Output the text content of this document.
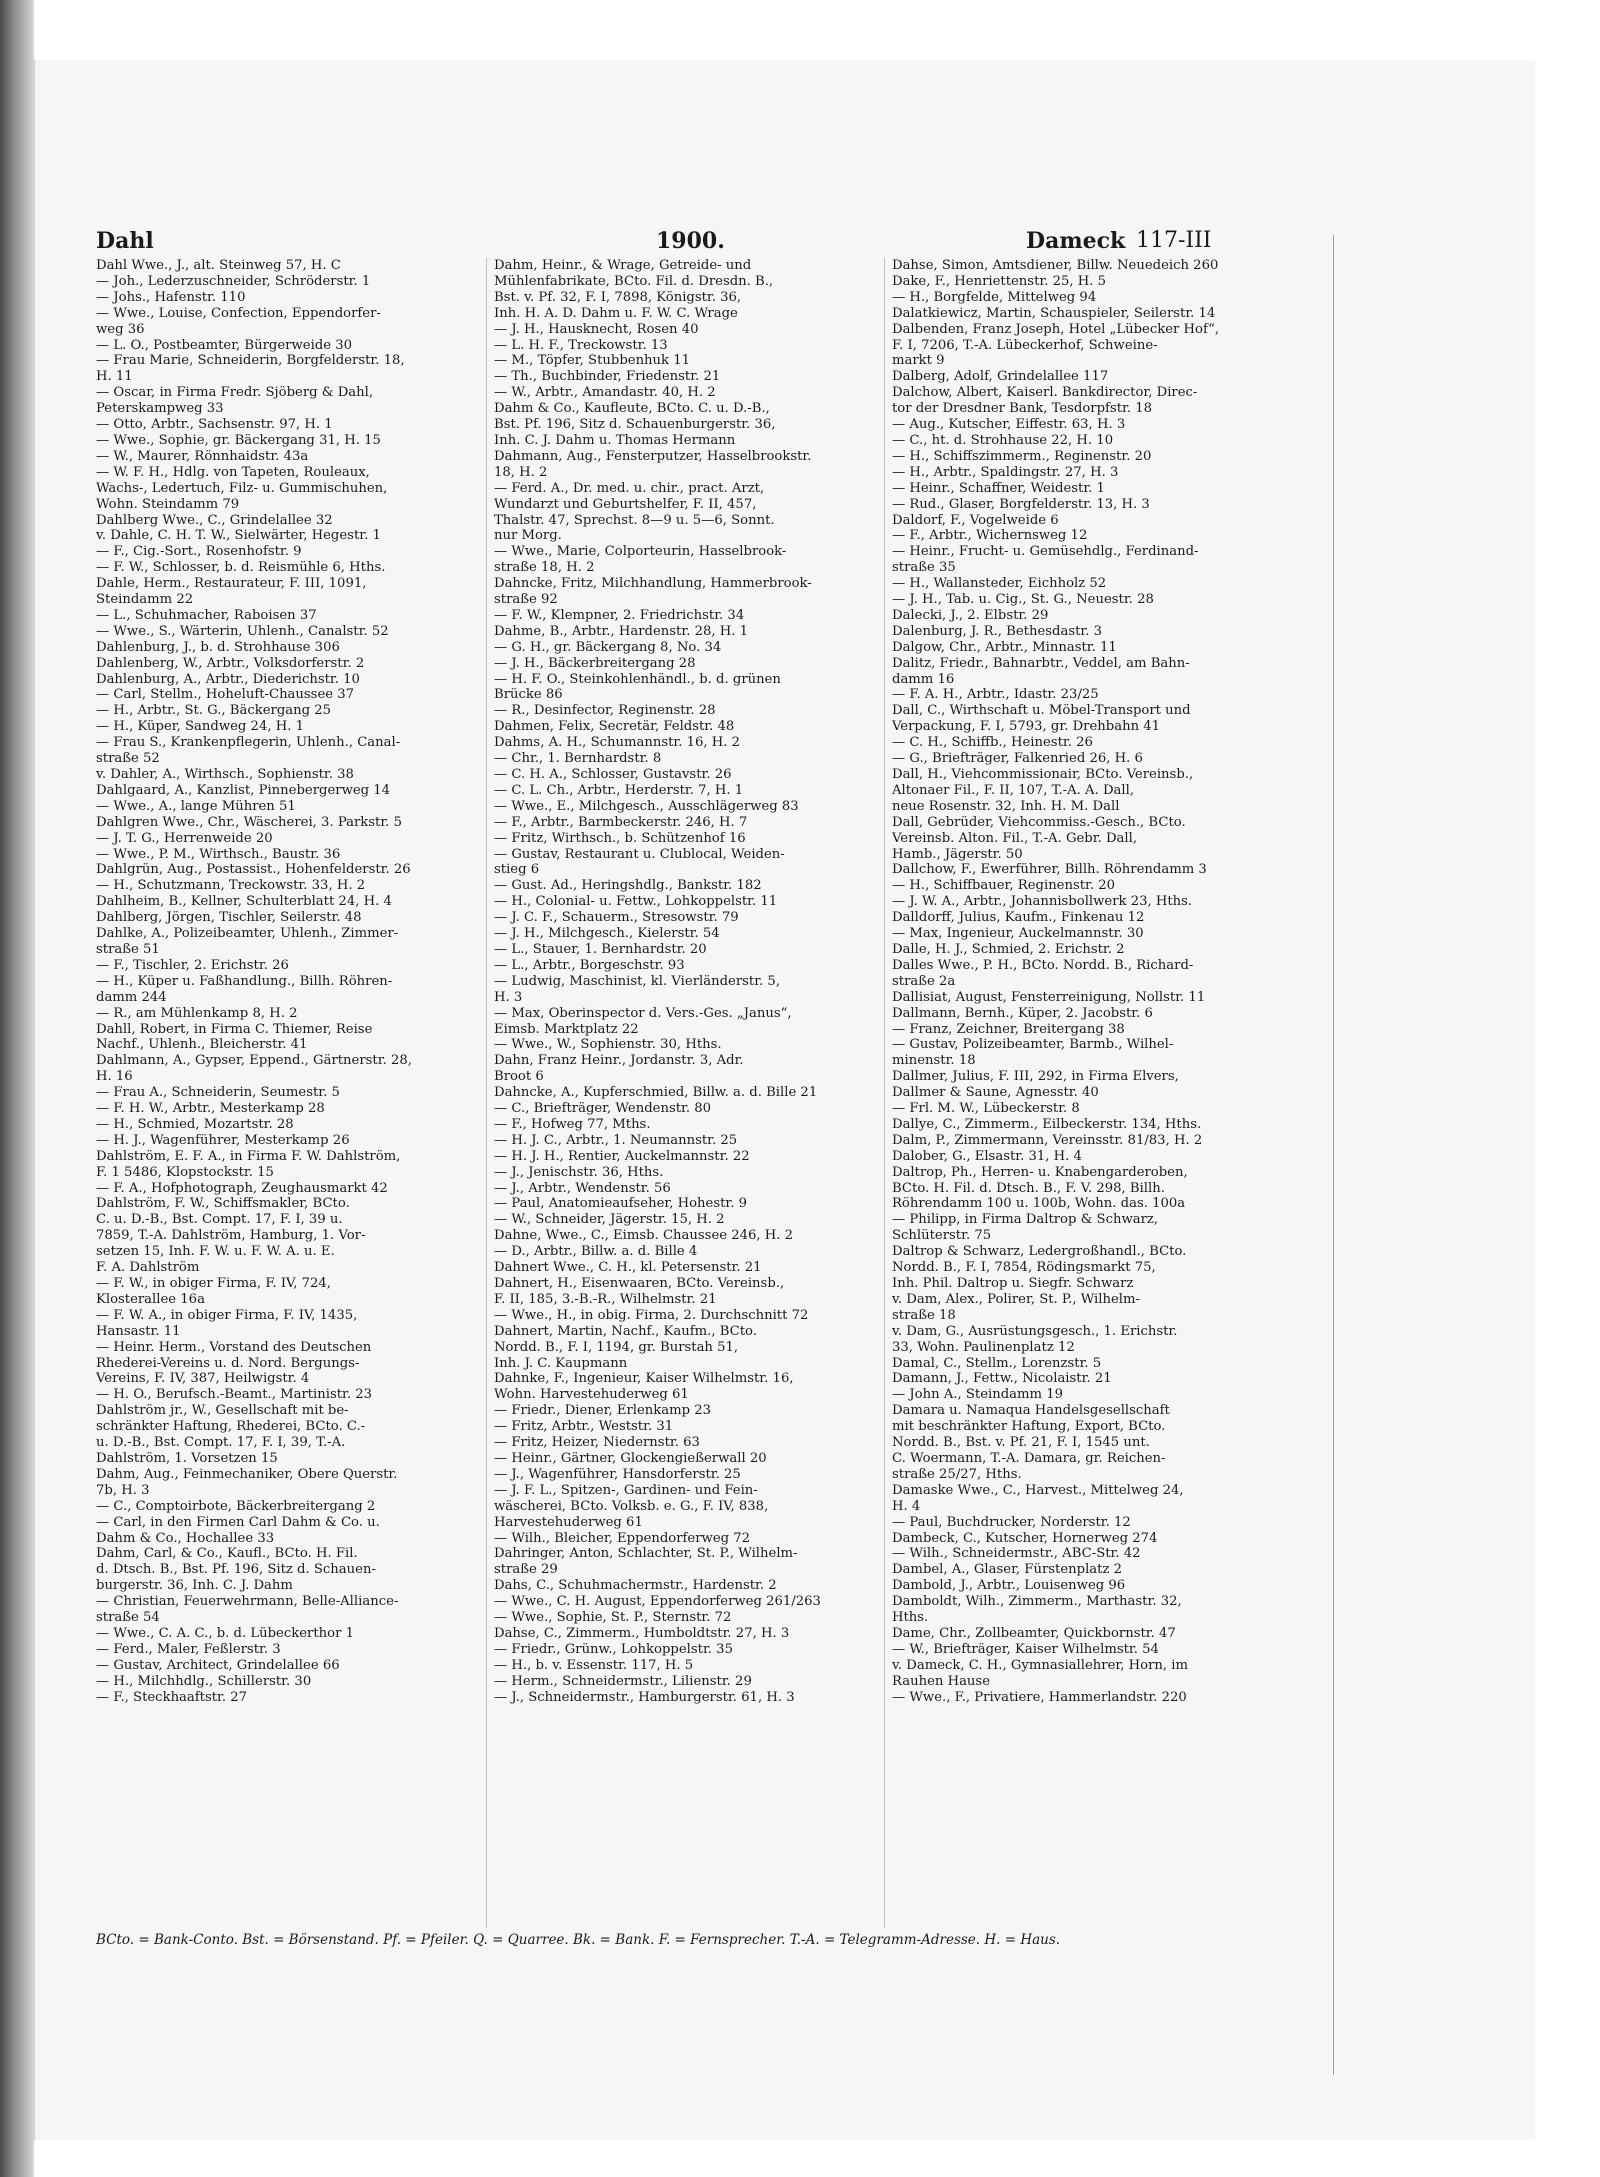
Dahl	1900.	Dameck 117-III
Dahl Wwe., J., alt. Steinweg 57, H. C
— Joh., Lederzuschneider, Schröderstr. 1
— Johs., Hafenstr. 110
— Wwe., Louise, Confection, Eppendorfer-
weg 36
— L. O., Postbeamter, Bürgerweide 30
— Frau Marie, Schneiderin, Borgfelderstr. 18,
H. 11
— Oscar, in Firma Fredr. Sjöberg & Dahl,
Peterskampweg 33
— Otto, Arbtr., Sachsenstr. 97, H. 1
— Wwe., Sophie, gr. Bäckergang 31, H. 15
— W., Maurer, Rönnhaidstr. 43a
— W. F. H., Hdlg. von Tapeten, Rouleaux,
Wachs-, Ledertuch, Filz- u. Gummischuhen,
Wohn. Steindamm 79
Dahlberg Wwe., C., Grindelallee 32
v. Dahle, C. H. T. W., Sielwärter, Hegestr. 1
— F., Cig.-Sort., Rosenhofstr. 9
— F. W., Schlosser, b. d. Reismühle 6, Hths.
Dahle, Herm., Restaurateur, F. III, 1091,
Steindamm 22
— L., Schuhmacher, Raboisen 37
— Wwe., S., Wärterin, Uhlenh., Canalstr. 52
Dahlenburg, J., b. d. Strohhause 306
Dahlenberg, W., Arbtr., Volksdorferstr. 2
Dahlenburg, A., Arbtr., Diederichstr. 10
— Carl, Stellm., Hoheluft-Chaussee 37
— H., Arbtr., St. G., Bäckergang 25
— H., Küper, Sandweg 24, H. 1
— Frau S., Krankenpflegerin, Uhlenh., Canal-
straße 52
v. Dahler, A., Wirthsch., Sophienstr. 38
Dahlgaard, A., Kanzlist, Pinnebergerweg 14
— Wwe., A., lange Mühren 51
Dahlgren Wwe., Chr., Wäscherei, 3. Parkstr. 5
— J. T. G., Herrenweide 20
— Wwe., P. M., Wirthsch., Baustr. 36
Dahlgrün, Aug., Postassist., Hohenfelderstr. 26
— H., Schutzmann, Treckowstr. 33, H. 2
Dahlheim, B., Kellner, Schulterblatt 24, H. 4
Dahlberg, Jörgen, Tischler, Seilerstr. 48
Dahlke, A., Polizeibeamter, Uhlenh., Zimmer-
straße 51
— F., Tischler, 2. Erichstr. 26
— H., Küper u. Faßhandlung., Billh. Röhren-
damm 244
— R., am Mühlenkamp 8, H. 2
Dahll, Robert, in Firma C. Thiemer, Reise
Nachf., Uhlenh., Bleicherstr. 41
Dahlmann, A., Gypser, Eppend., Gärtnerstr. 28,
H. 16
— Frau A., Schneiderin, Seumestr. 5
— F. H. W., Arbtr., Mesterkamp 28
— H., Schmied, Mozartstr. 28
— H. J., Wagenführer, Mesterkamp 26
Dahlström, E. F. A., in Firma F. W. Dahlström,
F. 1 5486, Klopstockstr. 15
— F. A., Hofphotograph, Zeughausmarkt 42
Dahlström, F. W., Schiffsmakler, BCto.
C. u. D.-B., Bst. Compt. 17, F. I, 39 u.
7859, T.-A. Dahlström, Hamburg, 1. Vor-
setzen 15, Inh. F. W. u. F. W. A. u. E.
F. A. Dahlström
— F. W., in obiger Firma, F. IV, 724,
Klosterallee 16a
— F. W. A., in obiger Firma, F. IV, 1435,
Hansastr. 11
— Heinr. Herm., Vorstand des Deutschen
Rhederei-Vereins u. d. Nord. Bergungs-
Vereins, F. IV, 387, Heilwigstr. 4
— H. O., Berufsch.-Beamt., Martinistr. 23
Dahlström jr., W., Gesellschaft mit be-
schränkter Haftung, Rhederei, BCto. C.-
u. D.-B., Bst. Compt. 17, F. I, 39, T.-A.
Dahlström, 1. Vorsetzen 15
Dahm, Aug., Feinmechaniker, Obere Querstr.
7b, H. 3
— C., Comptoirbote, Bäckerbreitergang 2
— Carl, in den Firmen Carl Dahm & Co. u.
Dahm & Co., Hochallee 33
Dahm, Carl, & Co., Kaufl., BCto. H. Fil.
d. Dtsch. B., Bst. Pf. 196, Sitz d. Schauen-
burgerstr. 36, Inh. C. J. Dahm
— Christian, Feuerwehrmann, Belle-Alliance-
straße 54
— Wwe., C. A. C., b. d. Lübeckerthor 1
— Ferd., Maler, Feßlerstr. 3
— Gustav, Architect, Grindelallee 66
— H., Milchhdlg., Schillerstr. 30
— F., Steckhaaftstr. 27
Dahm, Heinr., & Wrage, Getreide- und
Mühlenfabrikate, BCto. Fil. d. Dresdn. B.,
Bst. v. Pf. 32, F. I, 7898, Königstr. 36,
Inh. H. A. D. Dahm u. F. W. C. Wrage
— J. H., Hausknecht, Rosen 40
— L. H. F., Treckowstr. 13
— M., Töpfer, Stubbenhuk 11
— Th., Buchbinder, Friedenstr. 21
— W., Arbtr., Amandastr. 40, H. 2
Dahm & Co., Kaufleute, BCto. C. u. D.-B.,
Bst. Pf. 196, Sitz d. Schauenburgerstr. 36,
Inh. C. J. Dahm u. Thomas Hermann
Dahmann, Aug., Fensterputzer, Hasselbrookstr.
18, H. 2
— Ferd. A., Dr. med. u. chir., pract. Arzt,
Wundarzt und Geburtshelfer, F. II, 457,
Thalstr. 47, Sprechst. 8—9 u. 5—6, Sonnt.
nur Morg.
— Wwe., Marie, Colporteurin, Hasselbrook-
straße 18, H. 2
Dahncke, Fritz, Milchhandlung, Hammerbrook-
straße 92
— F. W., Klempner, 2. Friedrichstr. 34
Dahme, B., Arbtr., Hardenstr. 28, H. 1
— G. H., gr. Bäckergang 8, No. 34
— J. H., Bäckerbreitergang 28
— H. F. O., Steinkohlenhändl., b. d. grünen
Brücke 86
— R., Desinfector, Reginenstr. 28
Dahmen, Felix, Secretär, Feldstr. 48
Dahms, A. H., Schumannstr. 16, H. 2
— Chr., 1. Bernhardstr. 8
— C. H. A., Schlosser, Gustavstr. 26
— C. L. Ch., Arbtr., Herderstr. 7, H. 1
— Wwe., E., Milchgesch., Ausschlägerweg 83
— F., Arbtr., Barmbeckerstr. 246, H. 7
— Fritz, Wirthsch., b. Schützenhof 16
— Gustav, Restaurant u. Clublocal, Weiden-
stieg 6
— Gust. Ad., Heringshdlg., Bankstr. 182
— H., Colonial- u. Fettw., Lohkoppelstr. 11
— J. C. F., Schauerm., Stresowstr. 79
— J. H., Milchgesch., Kielerstr. 54
— L., Stauer, 1. Bernhardstr. 20
— L., Arbtr., Borgeschstr. 93
— Ludwig, Maschinist, kl. Vierländerstr. 5,
H. 3
— Max, Oberinspector d. Vers.-Ges. „Janus“,
Eimsb. Marktplatz 22
— Wwe., W., Sophienstr. 30, Hths.
Dahn, Franz Heinr., Jordanstr. 3, Adr.
Broot 6
Dahncke, A., Kupferschmied, Billw. a. d. Bille 21
— C., Briefträger, Wendenstr. 80
— F., Hofweg 77, Mths.
— H. J. C., Arbtr., 1. Neumannstr. 25
— H. J. H., Rentier, Auckelmannstr. 22
— J., Jenischstr. 36, Hths.
— J., Arbtr., Wendenstr. 56
— Paul, Anatomieaufseher, Hohestr. 9
— W., Schneider, Jägerstr. 15, H. 2
Dahne, Wwe., C., Eimsb. Chaussee 246, H. 2
— D., Arbtr., Billw. a. d. Bille 4
Dahnert Wwe., C. H., kl. Petersenstr. 21
Dahnert, H., Eisenwaaren, BCto. Vereinsb.,
F. II, 185, 3.-B.-R., Wilhelmstr. 21
— Wwe., H., in obig. Firma, 2. Durchschnitt 72
Dahnert, Martin, Nachf., Kaufm., BCto.
Nordd. B., F. I, 1194, gr. Burstah 51,
Inh. J. C. Kaupmann
Dahnke, F., Ingenieur, Kaiser Wilhelmstr. 16,
Wohn. Harvestehuderweg 61
— Friedr., Diener, Erlenkamp 23
— Fritz, Arbtr., Weststr. 31
— Fritz, Heizer, Niedernstr. 63
— Heinr., Gärtner, Glockengießerwall 20
— J., Wagenführer, Hansdorferstr. 25
— J. F. L., Spitzen-, Gardinen- und Fein-
wäscherei, BCto. Volksb. e. G., F. IV, 838,
Harvestehuderweg 61
— Wilh., Bleicher, Eppendorferweg 72
Dahringer, Anton, Schlachter, St. P., Wilhelm-
straße 29
Dahs, C., Schuhmachermstr., Hardenstr. 2
— Wwe., C. H. August, Eppendorferweg 261/263
— Wwe., Sophie, St. P., Sternstr. 72
Dahse, C., Zimmerm., Humboldtstr. 27, H. 3
— Friedr., Grünw., Lohkoppelstr. 35
— H., b. v. Essenstr. 117, H. 5
— Herm., Schneidermstr., Lilienstr. 29
— J., Schneidermstr., Hamburgerstr. 61, H. 3
Dahse, Simon, Amtsdiener, Billw. Neuedeich 260
Dake, F., Henriettenstr. 25, H. 5
— H., Borgfelde, Mittelweg 94
Dalatkiewicz, Martin, Schauspieler, Seilerstr. 14
Dalbenden, Franz Joseph, Hotel „Lübecker Hof“,
F. I, 7206, T.-A. Lübeckerhof, Schweine-
markt 9
Dalberg, Adolf, Grindelallee 117
Dalchow, Albert, Kaiserl. Bankdirector, Direc-
tor der Dresdner Bank, Tesdorpfstr. 18
— Aug., Kutscher, Eiffestr. 63, H. 3
— C., ht. d. Strohhause 22, H. 10
— H., Schiffszimmerm., Reginenstr. 20
— H., Arbtr., Spaldingstr. 27, H. 3
— Heinr., Schaffner, Weidestr. 1
— Rud., Glaser, Borgfelderstr. 13, H. 3
Daldorf, F., Vogelweide 6
— F., Arbtr., Wichernsweg 12
— Heinr., Frucht- u. Gemüsehdlg., Ferdinand-
straße 35
— H., Wallansteder, Eichholz 52
— J. H., Tab. u. Cig., St. G., Neuestr. 28
Dalecki, J., 2. Elbstr. 29
Dalenburg, J. R., Bethesdastr. 3
Dalgow, Chr., Arbtr., Minnastr. 11
Dalitz, Friedr., Bahnarbtr., Veddel, am Bahn-
damm 16
— F. A. H., Arbtr., Idastr. 23/25
Dall, C., Wirthschaft u. Möbel-Transport und
Verpackung, F. I, 5793, gr. Drehbahn 41
— C. H., Schiffb., Heinestr. 26
— G., Briefträger, Falkenried 26, H. 6
Dall, H., Viehcommissionair, BCto. Vereinsb.,
Altonaer Fil., F. II, 107, T.-A. A. Dall,
neue Rosenstr. 32, Inh. H. M. Dall
Dall, Gebrüder, Viehcommiss.-Gesch., BCto.
Vereinsb. Alton. Fil., T.-A. Gebr. Dall,
Hamb., Jägerstr. 50
Dallchow, F., Ewerführer, Billh. Röhrendamm 3
— H., Schiffbauer, Reginenstr. 20
— J. W. A., Arbtr., Johannisbollwerk 23, Hths.
Dalldorff, Julius, Kaufm., Finkenau 12
— Max, Ingenieur, Auckelmannstr. 30
Dalle, H. J., Schmied, 2. Erichstr. 2
Dalles Wwe., P. H., BCto. Nordd. B., Richard-
straße 2a
Dallisiat, August, Fensterreinigung, Nollstr. 11
Dallmann, Bernh., Küper, 2. Jacobstr. 6
— Franz, Zeichner, Breitergang 38
— Gustav, Polizeibeamter, Barmb., Wilhel-
minenstr. 18
Dallmer, Julius, F. III, 292, in Firma Elvers,
Dallmer & Saune, Agnesstr. 40
— Frl. M. W., Lübeckerstr. 8
Dallye, C., Zimmerm., Eilbeckerstr. 134, Hths.
Dalm, P., Zimmermann, Vereinsstr. 81/83, H. 2
Dalober, G., Elsastr. 31, H. 4
Daltrop, Ph., Herren- u. Knabengarderoben,
BCto. H. Fil. d. Dtsch. B., F. V. 298, Billh.
Röhrendamm 100 u. 100b, Wohn. das. 100a
— Philipp, in Firma Daltrop & Schwarz,
Schlüterstr. 75
Daltrop & Schwarz, Ledergroßhandl., BCto.
Nordd. B., F. I, 7854, Rödingsmarkt 75,
Inh. Phil. Daltrop u. Siegfr. Schwarz
v. Dam, Alex., Polirer, St. P., Wilhelm-
straße 18
v. Dam, G., Ausrüstungsgesch., 1. Erichstr.
33, Wohn. Paulinenplatz 12
Damal, C., Stellm., Lorenzstr. 5
Damann, J., Fettw., Nicolaistr. 21
— John A., Steindamm 19
Damara u. Namaqua Handelsgesellschaft
mit beschränkter Haftung, Export, BCto.
Nordd. B., Bst. v. Pf. 21, F. I, 1545 unt.
C. Woermann, T.-A. Damara, gr. Reichen-
straße 25/27, Hths.
Damaske Wwe., C., Harvest., Mittelweg 24,
H. 4
— Paul, Buchdrucker, Norderstr. 12
Dambeck, C., Kutscher, Hornerweg 274
— Wilh., Schneidermstr., ABC-Str. 42
Dambel, A., Glaser, Fürstenplatz 2
Dambold, J., Arbtr., Louisenweg 96
Damboldt, Wilh., Zimmerm., Marthastr. 32,
Hths.
Dame, Chr., Zollbeamter, Quickbornstr. 47
— W., Briefträger, Kaiser Wilhelmstr. 54
v. Dameck, C. H., Gymnasiallehrer, Horn, im
Rauhen Hause
— Wwe., F., Privatiere, Hammerlandstr. 220
BCto. = Bank-Conto. Bst. = Börsenstand. Pf. = Pfeiler. Q. = Quarree. Bk. = Bank. F. = Fernsprecher. T.-A. = Telegramm-Adresse. H. = Haus.
